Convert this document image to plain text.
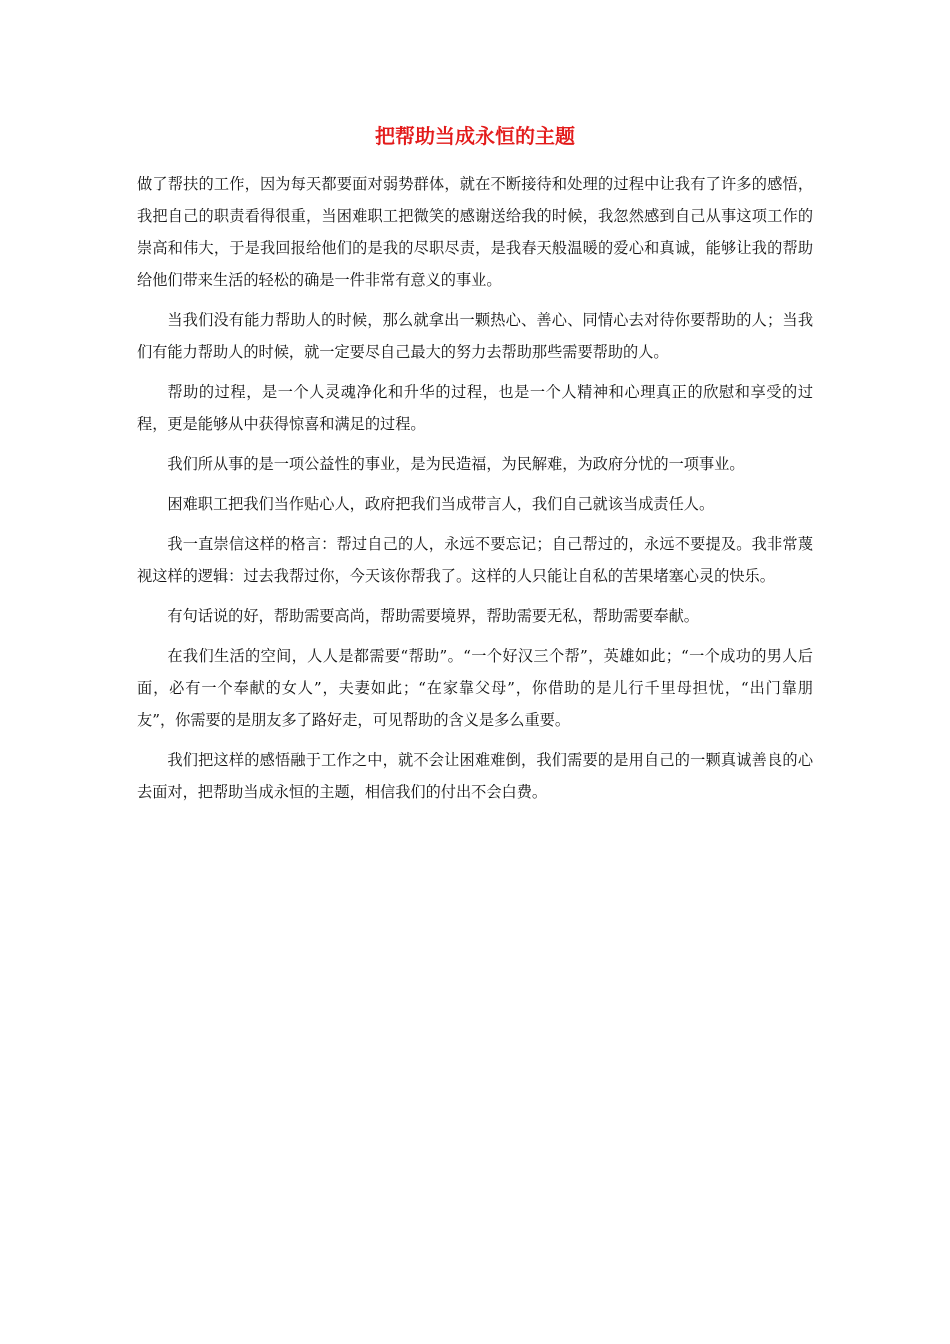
把帮助当成永恒的主题

做了帮扶的工作，因为每天都要面对弱势群体，就在不断接待和处理的过程中让我有了许多的感悟，我把自己的职责看得很重，当困难职工把微笑的感谢送给我的时候，我忽然感到自己从事这项工作的崇高和伟大，于是我回报给他们的是我的尽职尽责，是我春天般温暖的爱心和真诚，能够让我的帮助给他们带来生活的轻松的确是一件非常有意义的事业。

当我们没有能力帮助人的时候，那么就拿出一颗热心、善心、同情心去对待你要帮助的人；当我们有能力帮助人的时候，就一定要尽自己最大的努力去帮助那些需要帮助的人。

帮助的过程，是一个人灵魂净化和升华的过程，也是一个人精神和心理真正的欣慰和享受的过程，更是能够从中获得惊喜和满足的过程。

我们所从事的是一项公益性的事业，是为民造福，为民解难，为政府分忧的一项事业。

困难职工把我们当作贴心人，政府把我们当成带言人，我们自己就该当成责任人。

我一直崇信这样的格言：帮过自己的人，永远不要忘记；自己帮过的，永远不要提及。我非常蔑视这样的逻辑：过去我帮过你，今天该你帮我了。这样的人只能让自私的苦果堵塞心灵的快乐。

有句话说的好，帮助需要高尚，帮助需要境界，帮助需要无私，帮助需要奉献。

在我们生活的空间，人人是都需要“帮助”。“一个好汉三个帮”，英雄如此；“一个成功的男人后面，必有一个奉献的女人”，夫妻如此；“在家靠父母”，你借助的是儿行千里母担忧，“出门靠朋友”，你需要的是朋友多了路好走，可见帮助的含义是多么重要。

我们把这样的感悟融于工作之中，就不会让困难难倒，我们需要的是用自己的一颗真诚善良的心去面对，把帮助当成永恒的主题，相信我们的付出不会白费。
